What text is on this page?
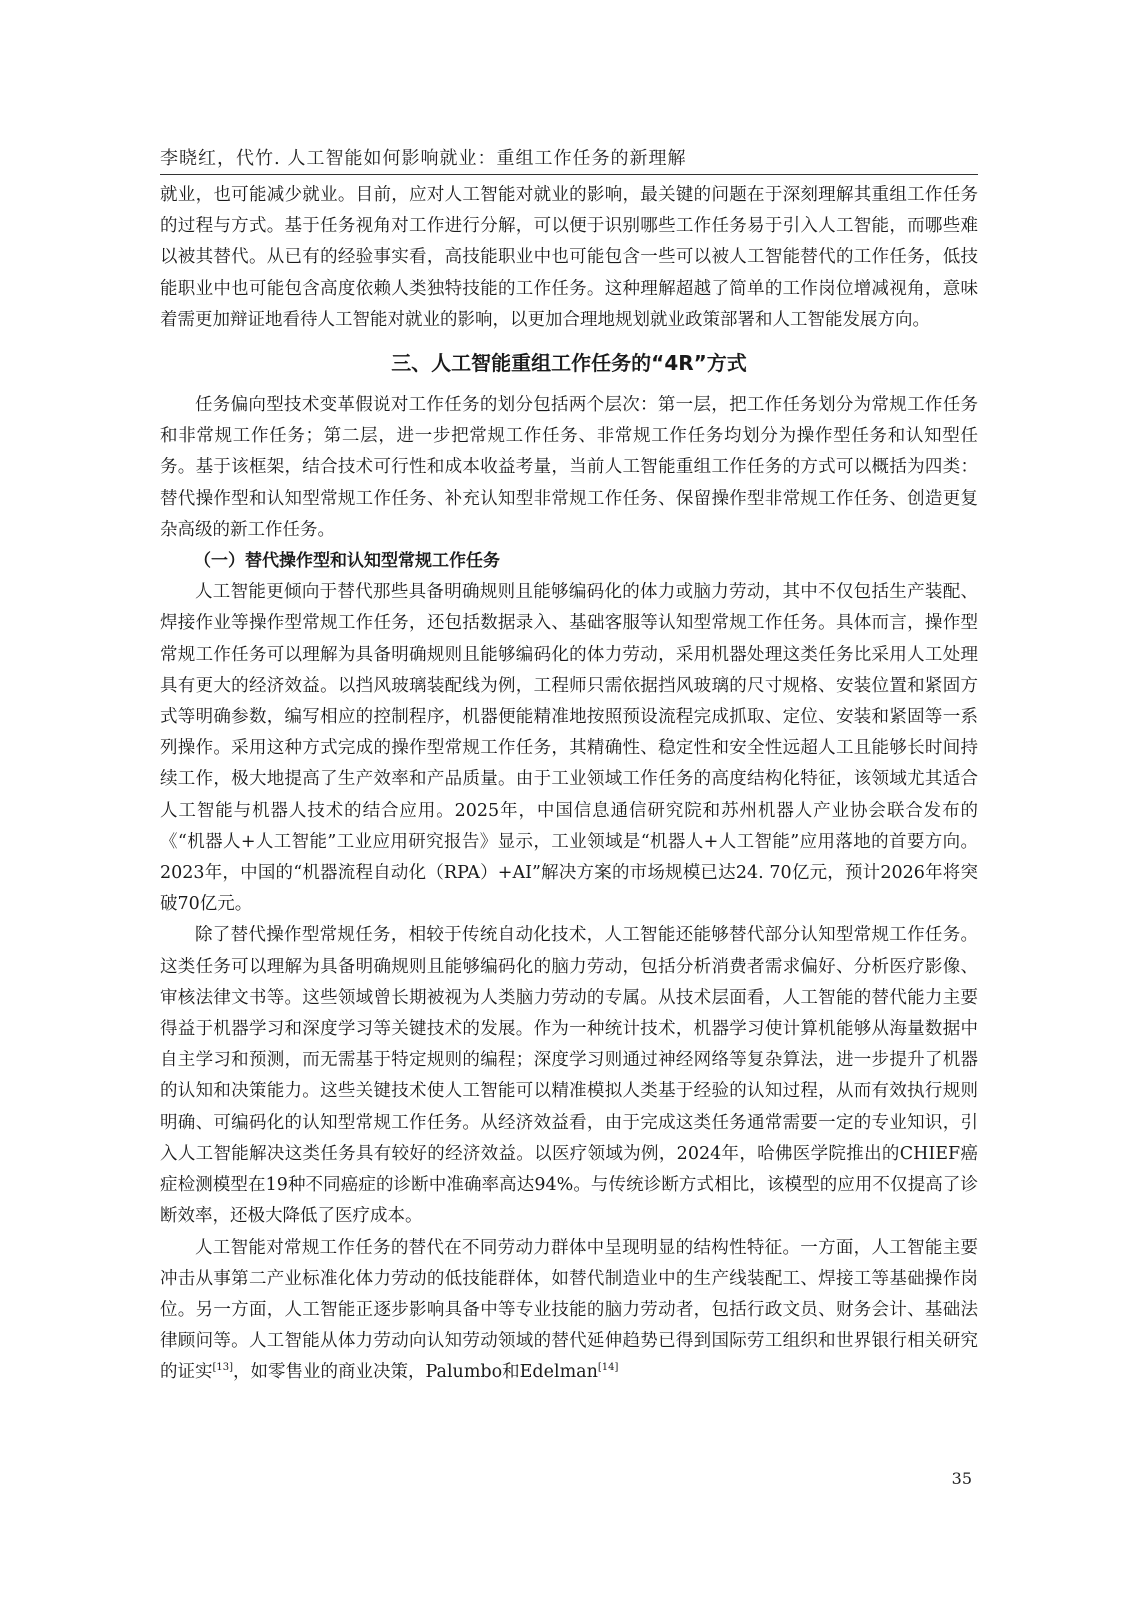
李晓红，代竹. 人工智能如何影响就业：重组工作任务的新理解

就业，也可能减少就业。目前，应对人工智能对就业的影响，最关键的问题在于深刻理解其重组工作任务的过程与方式。基于任务视角对工作进行分解，可以便于识别哪些工作任务易于引入人工智能，而哪些难以被其替代。从已有的经验事实看，高技能职业中也可能包含一些可以被人工智能替代的工作任务，低技能职业中也可能包含高度依赖人类独特技能的工作任务。这种理解超越了简单的工作岗位增减视角，意味着需更加辩证地看待人工智能对就业的影响，以更加合理地规划就业政策部署和人工智能发展方向。

三、人工智能重组工作任务的“4R”方式

任务偏向型技术变革假说对工作任务的划分包括两个层次：第一层，把工作任务划分为常规工作任务和非常规工作任务；第二层，进一步把常规工作任务、非常规工作任务均划分为操作型任务和认知型任务。基于该框架，结合技术可行性和成本收益考量，当前人工智能重组工作任务的方式可以概括为四类：替代操作型和认知型常规工作任务、补充认知型非常规工作任务、保留操作型非常规工作任务、创造更复杂高级的新工作任务。

（一）替代操作型和认知型常规工作任务

人工智能更倾向于替代那些具备明确规则且能够编码化的体力或脑力劳动，其中不仅包括生产装配、焊接作业等操作型常规工作任务，还包括数据录入、基础客服等认知型常规工作任务。具体而言，操作型常规工作任务可以理解为具备明确规则且能够编码化的体力劳动，采用机器处理这类任务比采用人工处理具有更大的经济效益。以挡风玻璃装配线为例，工程师只需依据挡风玻璃的尺寸规格、安装位置和紧固方式等明确参数，编写相应的控制程序，机器便能精准地按照预设流程完成抓取、定位、安装和紧固等一系列操作。采用这种方式完成的操作型常规工作任务，其精确性、稳定性和安全性远超人工且能够长时间持续工作，极大地提高了生产效率和产品质量。由于工业领域工作任务的高度结构化特征，该领域尤其适合人工智能与机器人技术的结合应用。2025年，中国信息通信研究院和苏州机器人产业协会联合发布的《“机器人+人工智能”工业应用研究报告》显示，工业领域是“机器人+人工智能”应用落地的首要方向。2023年，中国的“机器流程自动化（RPA）+AI”解决方案的市场规模已达24. 70亿元，预计2026年将突破70亿元。

除了替代操作型常规任务，相较于传统自动化技术，人工智能还能够替代部分认知型常规工作任务。这类任务可以理解为具备明确规则且能够编码化的脑力劳动，包括分析消费者需求偏好、分析医疗影像、审核法律文书等。这些领域曾长期被视为人类脑力劳动的专属。从技术层面看，人工智能的替代能力主要得益于机器学习和深度学习等关键技术的发展。作为一种统计技术，机器学习使计算机能够从海量数据中自主学习和预测，而无需基于特定规则的编程；深度学习则通过神经网络等复杂算法，进一步提升了机器的认知和决策能力。这些关键技术使人工智能可以精准模拟人类基于经验的认知过程，从而有效执行规则明确、可编码化的认知型常规工作任务。从经济效益看，由于完成这类任务通常需要一定的专业知识，引入人工智能解决这类任务具有较好的经济效益。以医疗领域为例，2024年，哈佛医学院推出的CHIEF癌症检测模型在19种不同癌症的诊断中准确率高达94%。与传统诊断方式相比，该模型的应用不仅提高了诊断效率，还极大降低了医疗成本。

人工智能对常规工作任务的替代在不同劳动力群体中呈现明显的结构性特征。一方面，人工智能主要冲击从事第二产业标准化体力劳动的低技能群体，如替代制造业中的生产线装配工、焊接工等基础操作岗位。另一方面，人工智能正逐步影响具备中等专业技能的脑力劳动者，包括行政文员、财务会计、基础法律顾问等。人工智能从体力劳动向认知劳动领域的替代延伸趋势已得到国际劳工组织和世界银行相关研究的证实[13]，如零售业的商业决策，Palumbo和Edelman[14]

35
